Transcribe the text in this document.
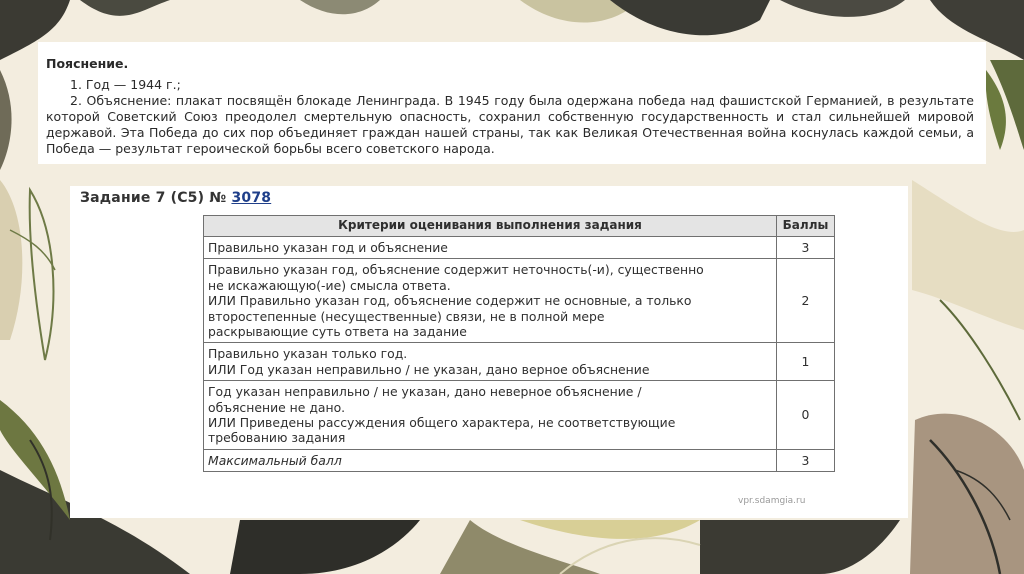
Пояснение.
1. Год — 1944 г.;
2. Объяснение: плакат посвящён блокаде Ленинграда. В 1945 году была одержана победа над фашистской Германией, в результате которой Советский Союз преодолел смертельную опасность, сохранил собственную государственность и стал сильнейшей мировой державой. Эта Победа до сих пор объединяет граждан нашей страны, так как Великая Отечественная война коснулась каждой семьи, а Победа — результат героической борьбы всего советского народа.
Задание 7 (С5) № 3078
Критерии оценивания выполнения задания	Баллы

Правильно указан год и объяснение	3

Правильно указан год, объяснение содержит неточность(-и), существенно
не искажающую(-ие) смысла ответа.
ИЛИ Правильно указан год, объяснение содержит не основные, а только
второстепенные (несущественные) связи, не в полной мере
раскрывающие суть ответа на задание	2

Правильно указан только год.
ИЛИ Год указан неправильно / не указан, дано верное объяснение	1

Год указан неправильно / не указан, дано неверное объяснение /
объяснение не дано.
ИЛИ Приведены рассуждения общего характера, не соответствующие
требованию задания	0
Максимальный балл	3
vpr.sdamgia.ru
